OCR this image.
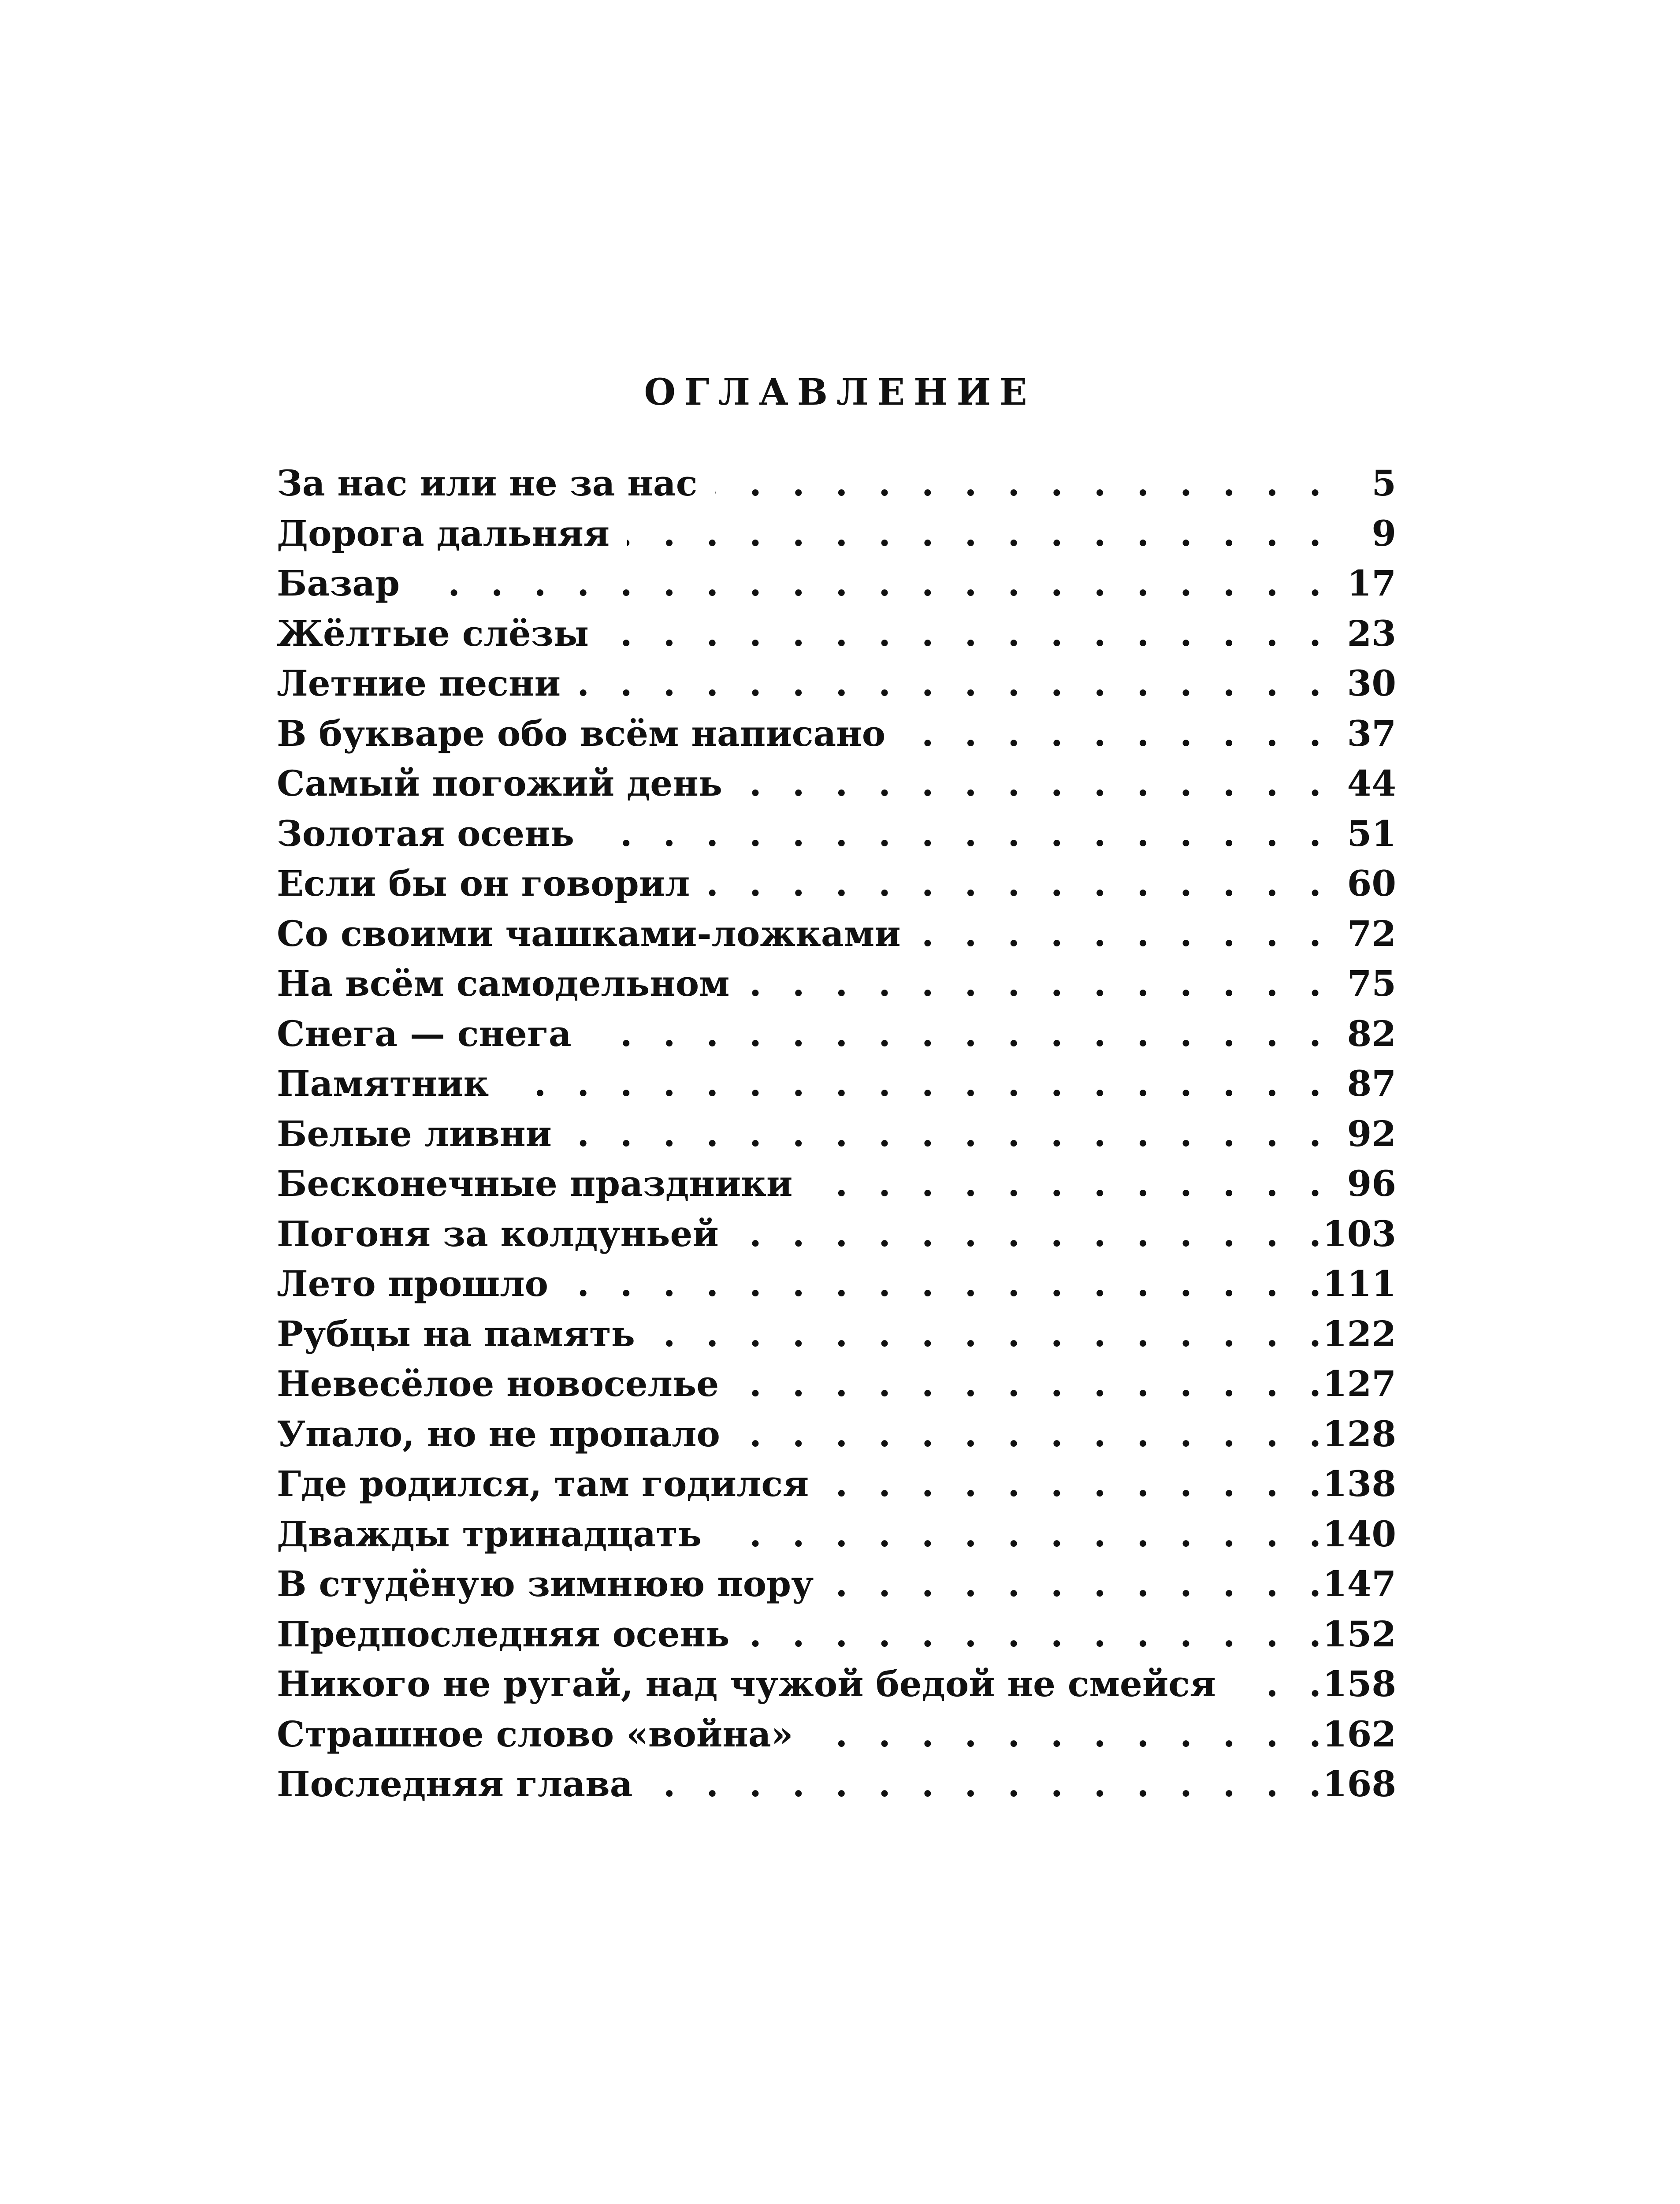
ОГЛАВЛЕНИЕ
За нас или не за нас . . .	5
Дорога дальняя . . .	9
Базар . . .	17
Жёлтые слёзы . . .	23
Летние песни . . .	30
В букваре обо всём написано . . .	37
Самый погожий день . . .	44
Золотая осень . . .	51
Если бы он говорил . . .	60
Со своими чашками-ложками . . .	72
На всём самодельном . . .	75
Снега — снега . . .	82
Памятник . . .	87
Белые ливни . . .	92
Бесконечные праздники . . .	96
Погоня за колдуньей . . .	103
Лето прошло . . .	111
Рубцы на память . . .	122
Невесёлое новоселье . . .	127
Упало, но не пропало . . .	128
Где родился, там годился . . .	138
Дважды тринадцать . . .	140
В студёную зимнюю пору . . .	147
Предпоследняя осень . . .	152
Никого не ругай, над чужой бедой не смейся . . .	158
Страшное слово «война» . . .	162
Последняя глава . . .	168
